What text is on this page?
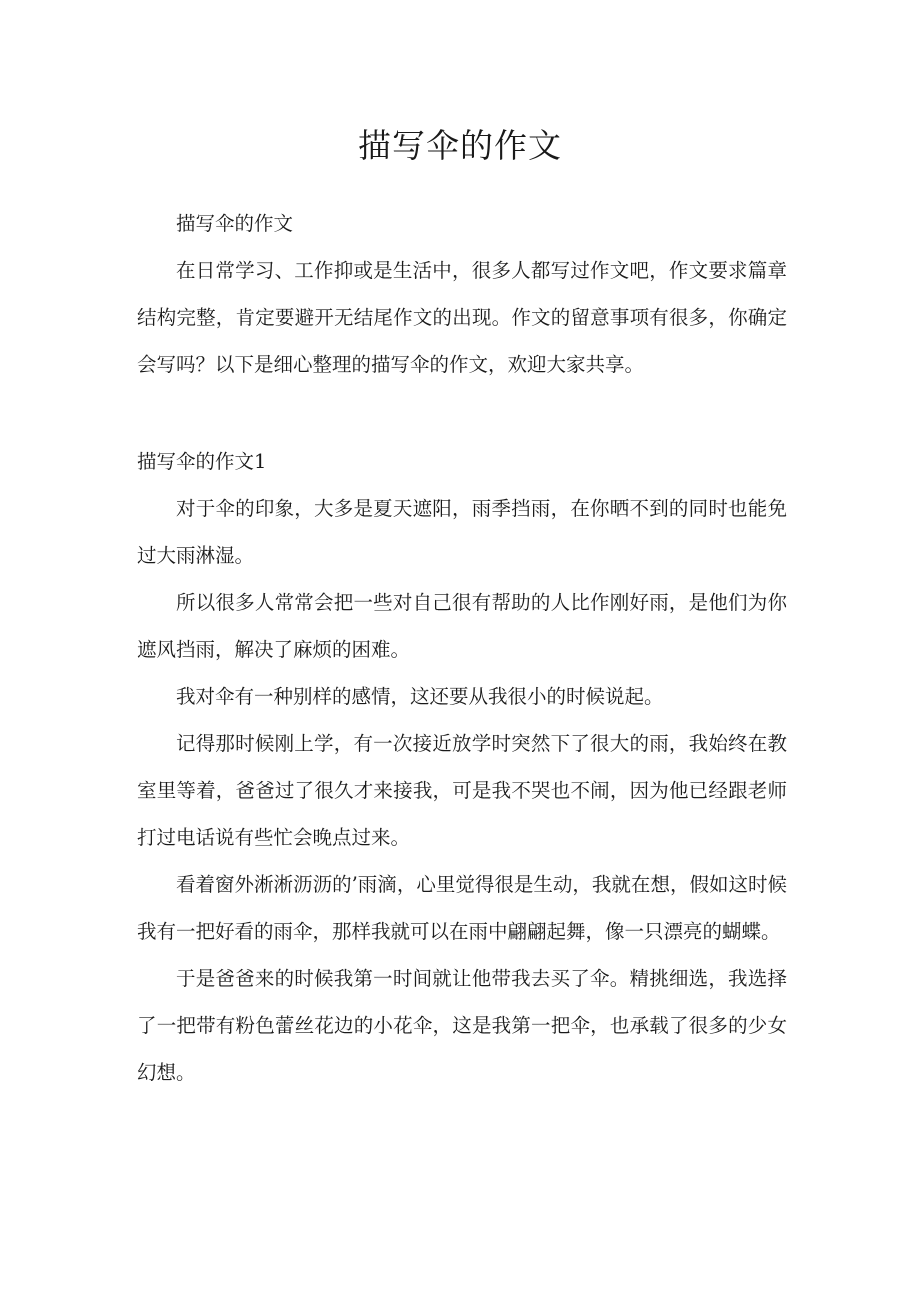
描写伞的作文

描写伞的作文

在日常学习、工作抑或是生活中，很多人都写过作文吧，作文要求篇章结构完整，肯定要避开无结尾作文的出现。作文的留意事项有很多，你确定会写吗？以下是细心整理的描写伞的作文，欢迎大家共享。

描写伞的作文1

对于伞的印象，大多是夏天遮阳，雨季挡雨，在你晒不到的同时也能免过大雨淋湿。

所以很多人常常会把一些对自己很有帮助的人比作刚好雨，是他们为你遮风挡雨，解决了麻烦的困难。

我对伞有一种别样的感情，这还要从我很小的时候说起。

记得那时候刚上学，有一次接近放学时突然下了很大的雨，我始终在教室里等着，爸爸过了很久才来接我，可是我不哭也不闹，因为他已经跟老师打过电话说有些忙会晚点过来。

看着窗外淅淅沥沥的’雨滴，心里觉得很是生动，我就在想，假如这时候我有一把好看的雨伞，那样我就可以在雨中翩翩起舞，像一只漂亮的蝴蝶。

于是爸爸来的时候我第一时间就让他带我去买了伞。精挑细选，我选择了一把带有粉色蕾丝花边的小花伞，这是我第一把伞，也承载了很多的少女幻想。
